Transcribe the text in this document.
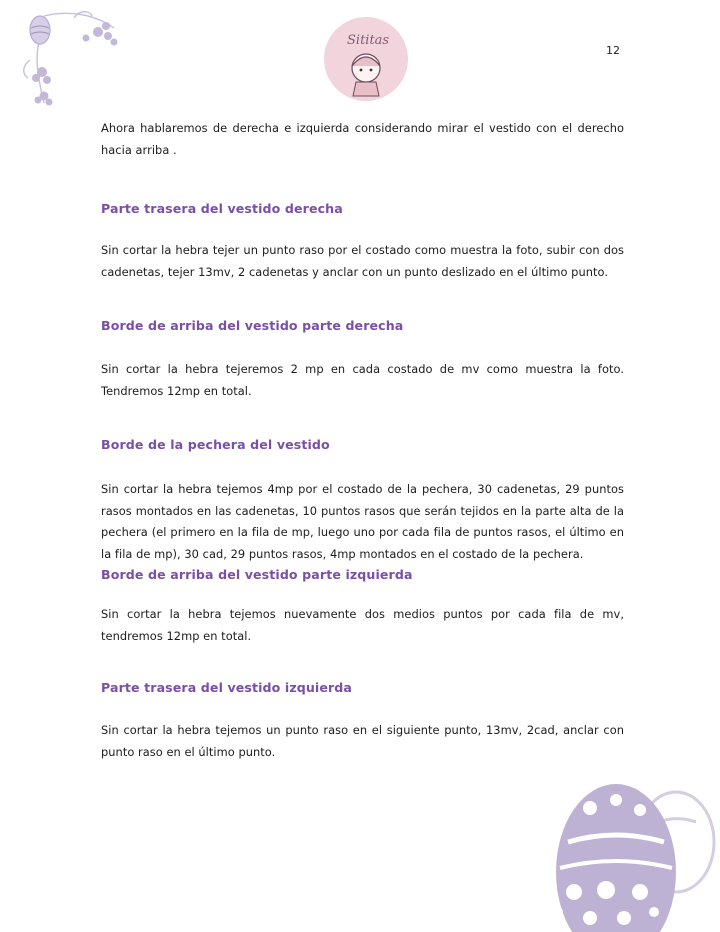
Sititas
12

Ahora hablaremos de derecha e izquierda considerando mirar el vestido con el derecho hacia arriba .

Parte trasera del vestido derecha

Sin cortar la hebra tejer un punto raso por el costado como muestra la foto, subir con dos cadenetas, tejer 13mv, 2 cadenetas y anclar con un punto deslizado en el último punto.

Borde de arriba del vestido parte derecha

Sin cortar la hebra tejeremos 2 mp en cada costado de mv como muestra la foto. Tendremos 12mp en total.

Borde de la pechera del vestido

Sin cortar la hebra tejemos 4mp por el costado de la pechera, 30 cadenetas, 29 puntos rasos montados en las cadenetas, 10 puntos rasos que serán tejidos en la parte alta de la pechera (el primero en la fila de mp, luego uno por cada fila de puntos rasos, el último en la fila de mp), 30 cad, 29 puntos rasos, 4mp montados en el costado de la pechera.

Borde de arriba del vestido parte izquierda

Sin cortar la hebra tejemos nuevamente dos medios puntos por cada fila de mv, tendremos 12mp en total.

Parte trasera del vestido izquierda

Sin cortar la hebra tejemos un punto raso en el siguiente punto, 13mv, 2cad, anclar con punto raso en el último punto.
